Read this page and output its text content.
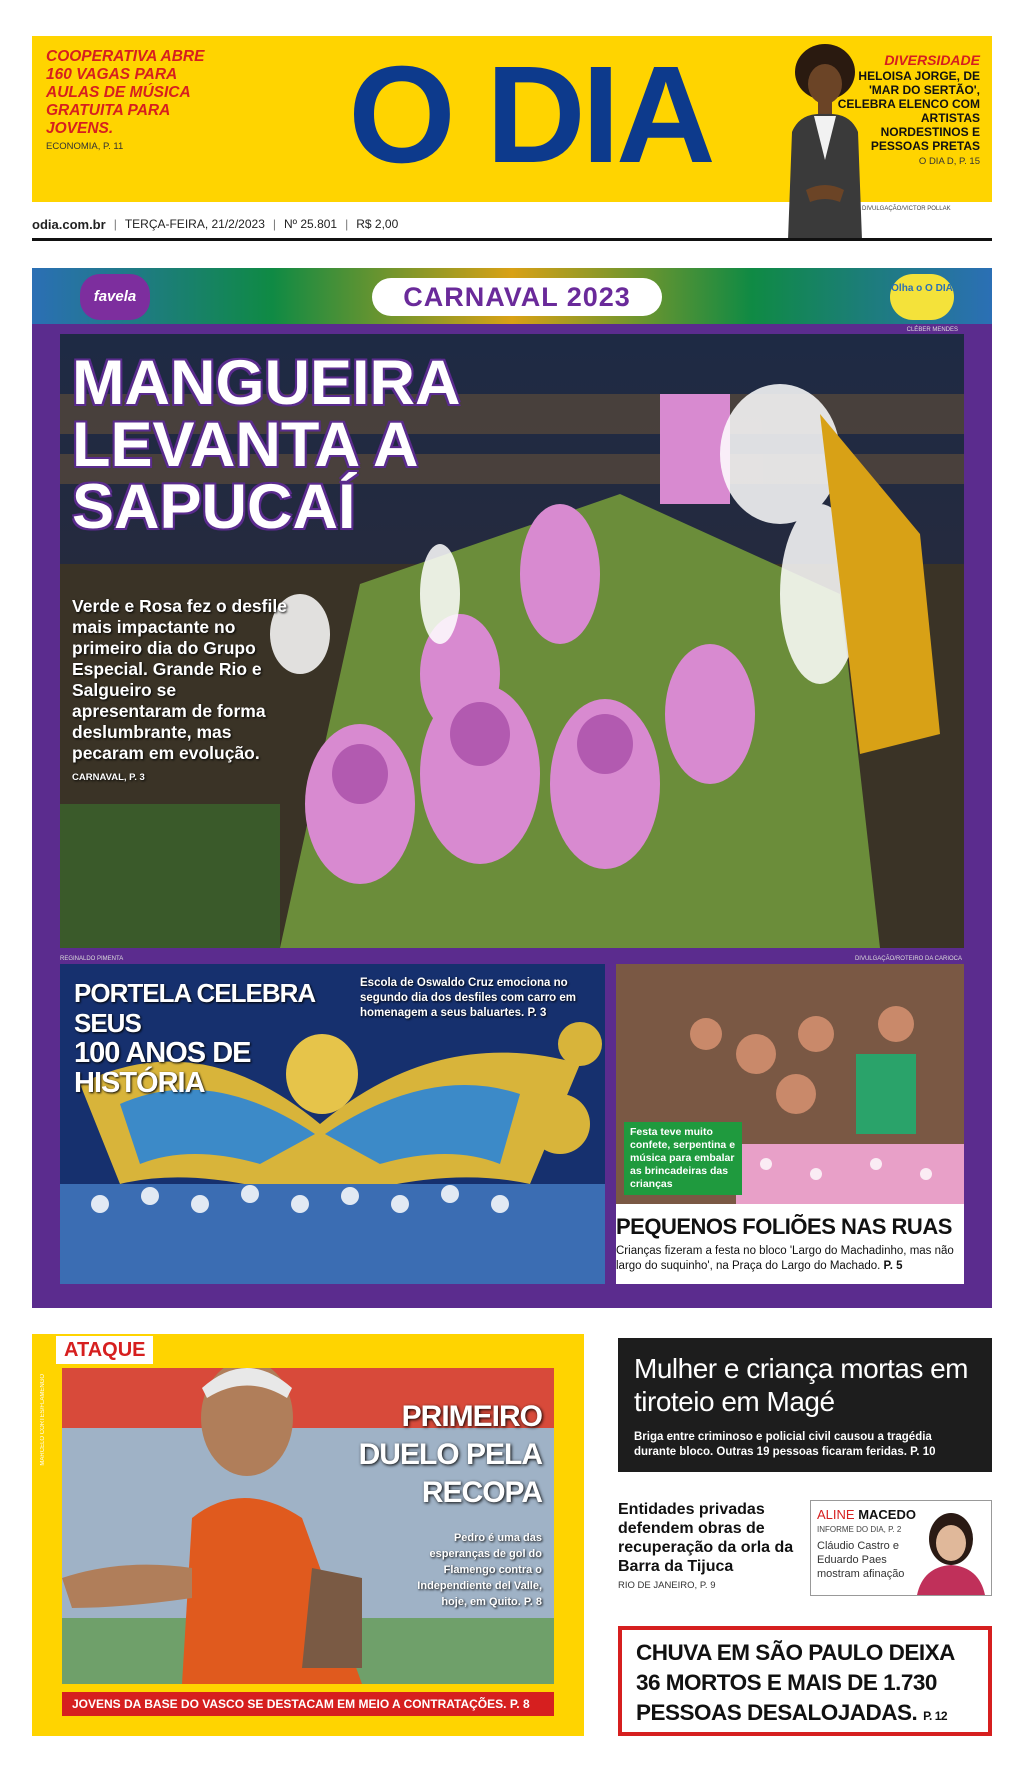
COOPERATIVA ABRE 160 VAGAS PARA AULAS DE MÚSICA GRATUITA PARA JOVENS.
ECONOMIA, P. 11	O DIA	DIVERSIDADE
HELOISA JORGE, DE 'MAR DO SERTÃO', CELEBRA ELENCO COM ARTISTAS NORDESTINOS E PESSOAS PRETAS
O DIA D, P. 15
DIVULGAÇÃO/VICTOR POLLAK
odia.com.br | TERÇA-FEIRA, 21/2/2023 | Nº 25.801 | R$ 2,00
favela	CARNAVAL 2023	Olha o O DIA
CLÉBER MENDES
MANGUEIRA LEVANTA A SAPUCAÍ
Verde e Rosa fez o desfile mais impactante no primeiro dia do Grupo Especial. Grande Rio e Salgueiro se apresentaram de forma deslumbrante, mas pecaram em evolução. CARNAVAL, P. 3
REGINALDO PIMENTA
PORTELA CELEBRA SEUS
100 ANOS DE HISTÓRIA
Escola de Oswaldo Cruz emociona no segundo dia dos desfiles com carro em homenagem a seus baluartes. P. 3
DIVULGAÇÃO/ROTEIRO DA CARIOCA
Festa teve muito confete, serpentina e música para embalar as brincadeiras das crianças
PEQUENOS FOLIÕES NAS RUAS
Crianças fizeram a festa no bloco 'Largo do Machadinho, mas não largo do suquinho', na Praça do Largo do Machado. P. 5
ATAQUE
MARCELO CORTES/FLAMENGO	PRIMEIRO DUELO PELA RECOPA
Pedro é uma das esperanças de gol do Flamengo contra o Independiente del Valle, hoje, em Quito. P. 8
JOVENS DA BASE DO VASCO SE DESTACAM EM MEIO A CONTRATAÇÕES. P. 8
Mulher e criança mortas em tiroteio em Magé
Briga entre criminoso e policial civil causou a tragédia durante bloco. Outras 19 pessoas ficaram feridas. P. 10
Entidades privadas defendem obras de recuperação da orla da Barra da Tijuca
RIO DE JANEIRO, P. 9
ALINE MACEDO
INFORME DO DIA, P. 2
Cláudio Castro e Eduardo Paes mostram afinação
CHUVA EM SÃO PAULO DEIXA 36 MORTOS E MAIS DE 1.730 PESSOAS DESALOJADAS. P. 12
